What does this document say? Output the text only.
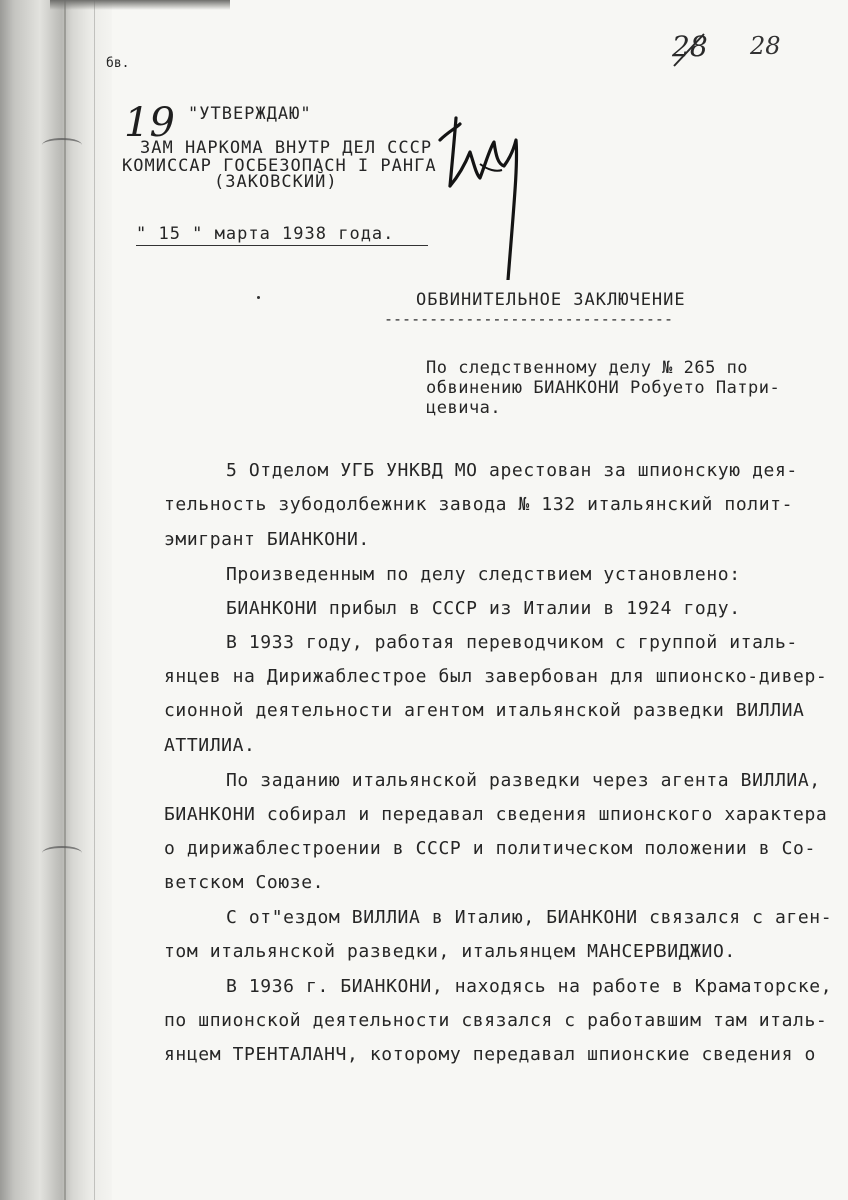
бв.
28 28
19 "УТВЕРЖДАЮ"
ЗАМ НАРКОМА ВНУТР ДЕЛ СССР
КОМИССАР ГОСБЕЗОПАСН I РАНГА
(ЗАКОВСКИЙ)
" 15 " марта 1938 года.
ОБВИНИТЕЛЬНОЕ ЗАКЛЮЧЕНИЕ
--------------------------------
По следственному делу № 265 по
обвинению БИАНКОНИ Робуето Патри-
цевича.
5 Отделом УГБ УНКВД МО арестован за шпионскую дея-
тельность зубодолбежник завода № 132 итальянский полит-
эмигрант БИАНКОНИ.
Произведенным по делу следствием установлено:
БИАНКОНИ прибыл в СССР из Италии в 1924 году.
В 1933 году, работая переводчиком с группой италь-
янцев на Дирижаблестрое был завербован для шпионско-дивер-
сионной деятельности агентом итальянской разведки ВИЛЛИА
АТТИЛИА.
По заданию итальянской разведки через агента ВИЛЛИА,
БИАНКОНИ собирал и передавал сведения шпионского характера
о дирижаблестроении в СССР и политическом положении в Со-
ветском Союзе.
С от"ездом ВИЛЛИА в Италию, БИАНКОНИ связался с аген-
том итальянской разведки, итальянцем МАНСЕРВИДЖИО.
В 1936 г. БИАНКОНИ, находясь на работе в Краматорске,
по шпионской деятельности связался с работавшим там италь-
янцем ТРЕНТАЛАНЧ, которому передавал шпионские сведения о
